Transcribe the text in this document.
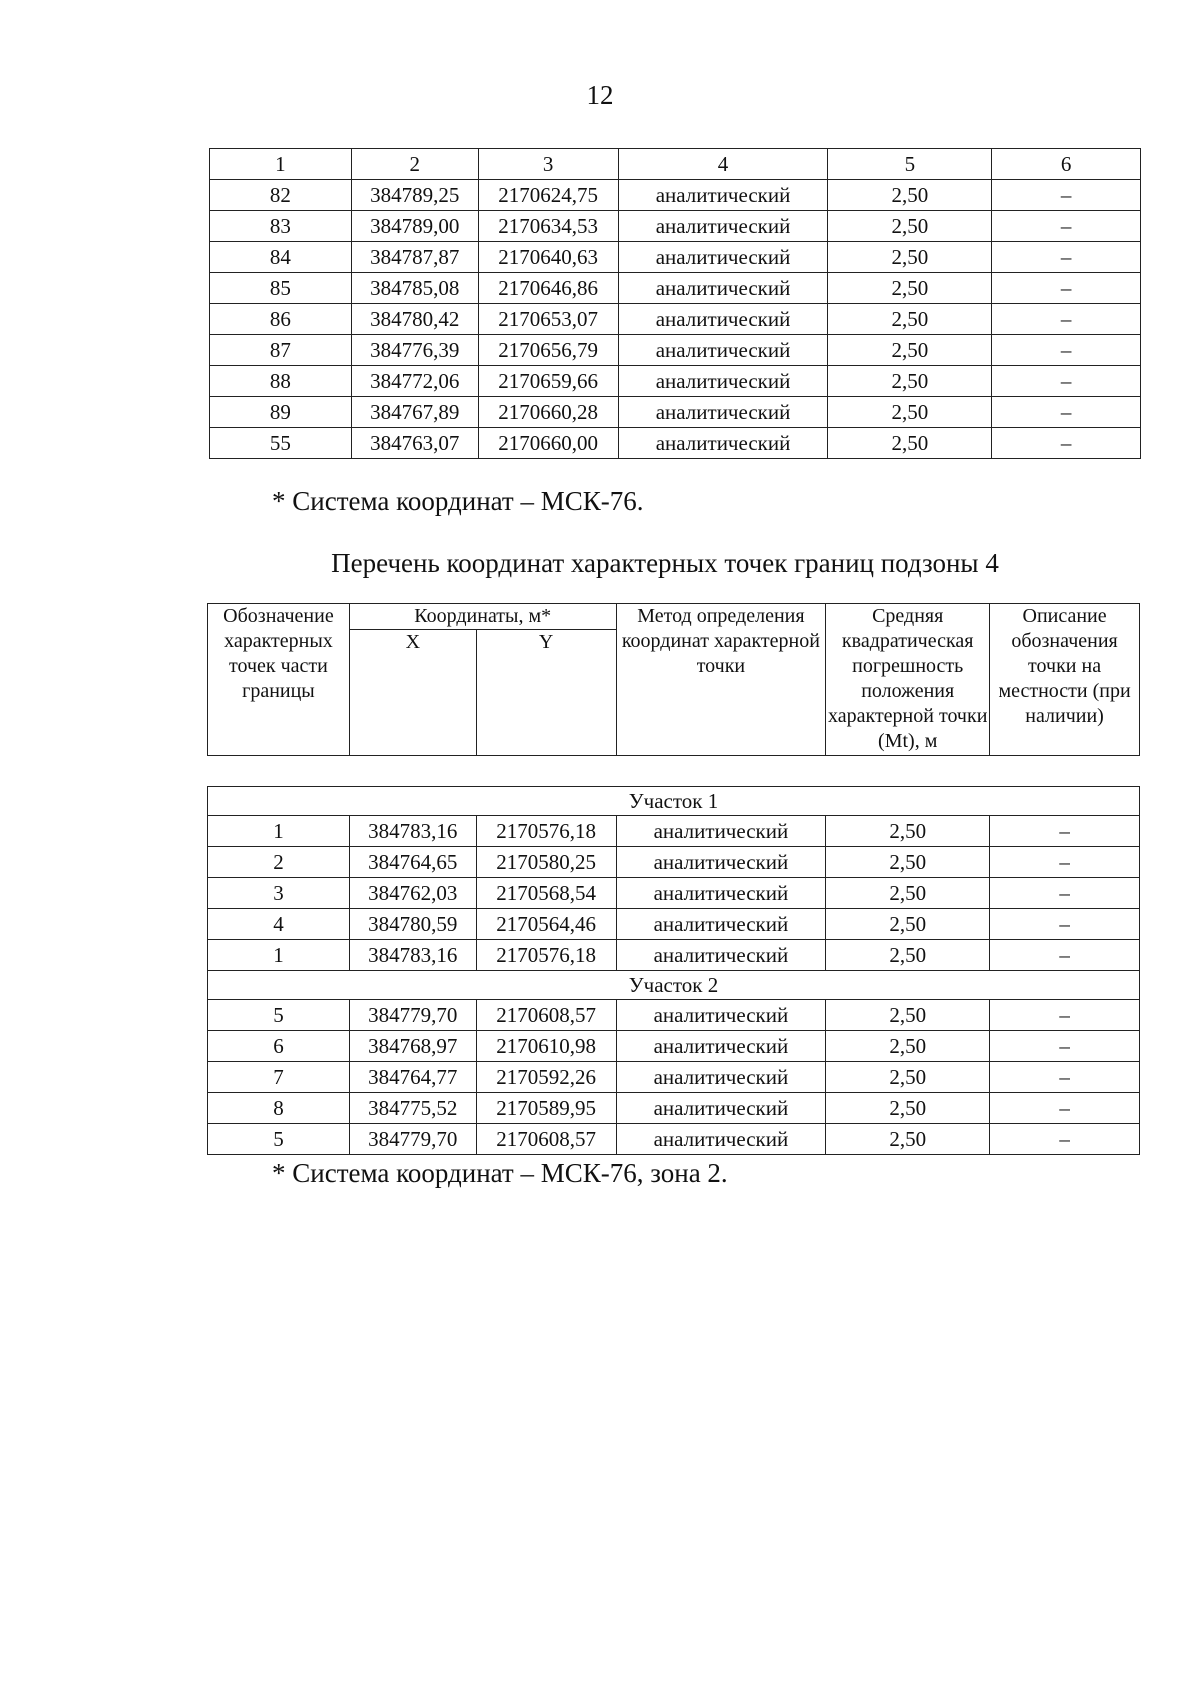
12
1	2	3	4	5	6
82	384789,25	2170624,75	аналитический	2,50	–
83	384789,00	2170634,53	аналитический	2,50	–
84	384787,87	2170640,63	аналитический	2,50	–
85	384785,08	2170646,86	аналитический	2,50	–
86	384780,42	2170653,07	аналитический	2,50	–
87	384776,39	2170656,79	аналитический	2,50	–
88	384772,06	2170659,66	аналитический	2,50	–
89	384767,89	2170660,28	аналитический	2,50	–
55	384763,07	2170660,00	аналитический	2,50	–
* Система координат – МСК-76.
Перечень координат характерных точек границ подзоны 4
Обозначение характерных точек части границы	Координаты, м*		Метод определения координат характерной точки	Средняя квадратическая погрешность положения характерной точки (Mt), м	Описание обозначения точки на местности (при наличии)
	X	Y			

Участок 1					
1	384783,16	2170576,18	аналитический	2,50	–
2	384764,65	2170580,25	аналитический	2,50	–
3	384762,03	2170568,54	аналитический	2,50	–
4	384780,59	2170564,46	аналитический	2,50	–
1	384783,16	2170576,18	аналитический	2,50	–
Участок 2					
5	384779,70	2170608,57	аналитический	2,50	–
6	384768,97	2170610,98	аналитический	2,50	–
7	384764,77	2170592,26	аналитический	2,50	–
8	384775,52	2170589,95	аналитический	2,50	–
5	384779,70	2170608,57	аналитический	2,50	–
* Система координат – МСК-76, зона 2.
